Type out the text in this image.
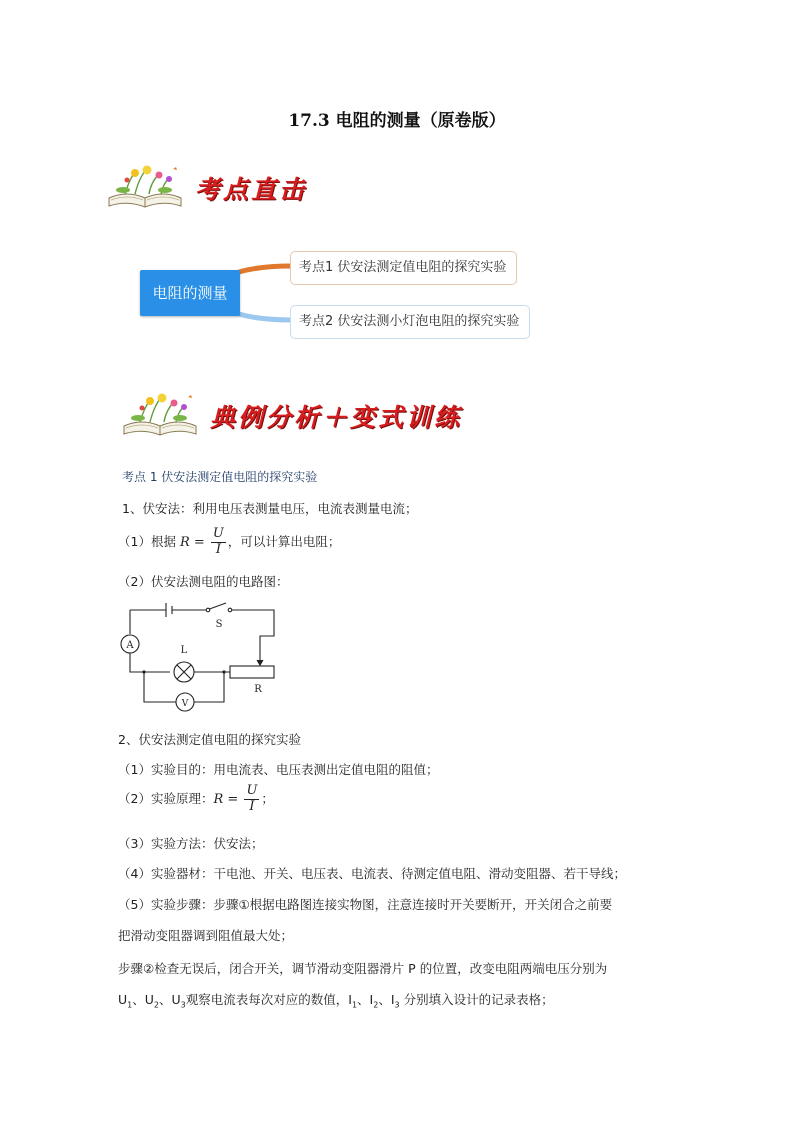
17.3 电阻的测量（原卷版）
考点直击
电阻的测量
考点1 伏安法测定值电阻的探究实验
考点2 伏安法测小灯泡电阻的探究实验
典例分析＋变式训练
考点 1 伏安法测定值电阻的探究实验
1、伏安法：利用电压表测量电压，电流表测量电流；
（1）根据 $R = \frac{U}{I}$ ，可以计算出电阻；
（2）伏安法测电阻的电路图：
A
S
L
R
V
2、伏安法测定值电阻的探究实验
（1）实验目的：用电流表、电压表测出定值电阻的阻值；
（2）实验原理：$R = \frac{U}{I}$ ；
（3）实验方法：伏安法；
（4）实验器材：干电池、开关、电压表、电流表、待测定值电阻、滑动变阻器、若干导线；
（5）实验步骤：步骤①根据电路图连接实物图，注意连接时开关要断开，开关闭合之前要
把滑动变阻器调到阻值最大处；
步骤②检查无误后，闭合开关，调节滑动变阻器滑片 P 的位置，改变电阻两端电压分别为
$U_1$、$U_2$、$U_3$观察电流表每次对应的数值，$I_1$、$I_2$、$I_3$ 分别填入设计的记录表格；
